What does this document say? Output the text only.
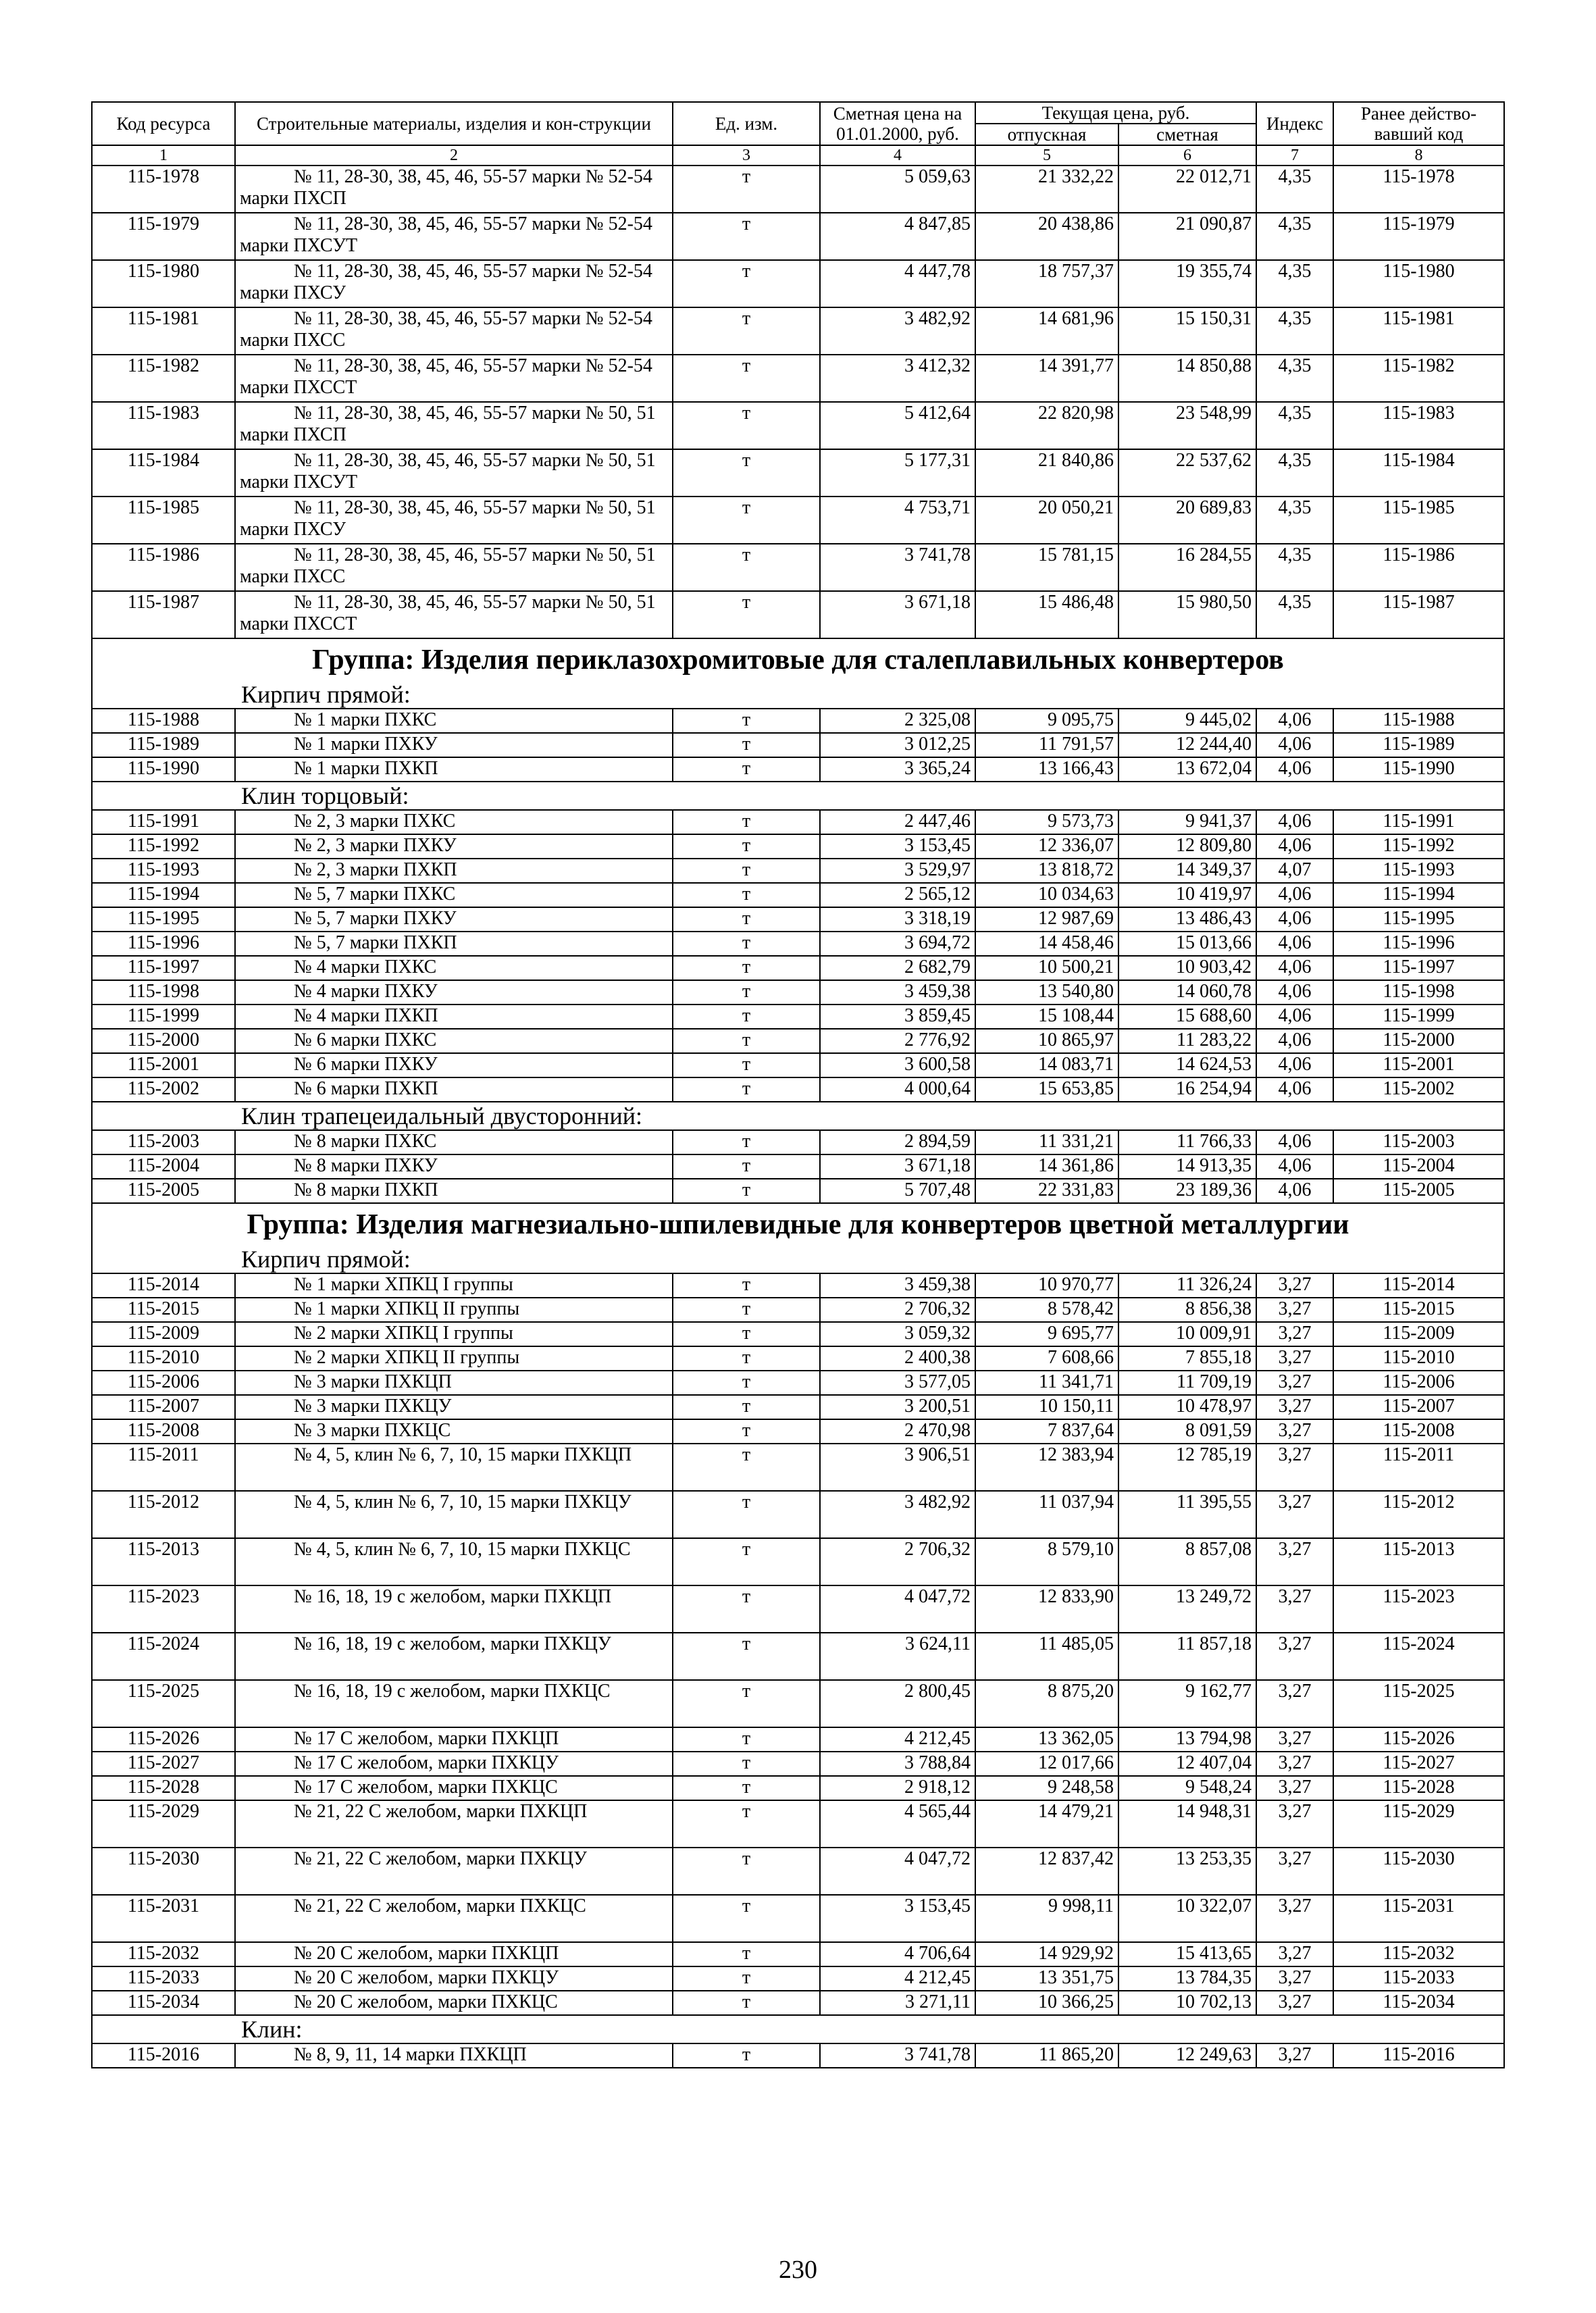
Код ресурса	Строительные материалы, изделия и кон-струкции	Ед. изм.	Сметная цена на 01.01.2000, руб.	Текущая цена, руб.		Индекс	Ранее действо-вавший код
				отпускная	сметная		
1	2	3	4	5	6	7	8
115-1978	№ 11, 28-30, 38, 45, 46, 55-57 марки № 52-54 марки ПХСП	т	5 059,63	21 332,22	22 012,71	4,35	115-1978
115-1979	№ 11, 28-30, 38, 45, 46, 55-57 марки № 52-54 марки ПХСУТ	т	4 847,85	20 438,86	21 090,87	4,35	115-1979
115-1980	№ 11, 28-30, 38, 45, 46, 55-57 марки № 52-54 марки ПХСУ	т	4 447,78	18 757,37	19 355,74	4,35	115-1980
115-1981	№ 11, 28-30, 38, 45, 46, 55-57 марки № 52-54 марки ПХСС	т	3 482,92	14 681,96	15 150,31	4,35	115-1981
115-1982	№ 11, 28-30, 38, 45, 46, 55-57 марки № 52-54 марки ПХССТ	т	3 412,32	14 391,77	14 850,88	4,35	115-1982
115-1983	№ 11, 28-30, 38, 45, 46, 55-57 марки № 50, 51 марки ПХСП	т	5 412,64	22 820,98	23 548,99	4,35	115-1983
115-1984	№ 11, 28-30, 38, 45, 46, 55-57 марки № 50, 51 марки ПХСУТ	т	5 177,31	21 840,86	22 537,62	4,35	115-1984
115-1985	№ 11, 28-30, 38, 45, 46, 55-57 марки № 50, 51 марки ПХСУ	т	4 753,71	20 050,21	20 689,83	4,35	115-1985
115-1986	№ 11, 28-30, 38, 45, 46, 55-57 марки № 50, 51 марки ПХСС	т	3 741,78	15 781,15	16 284,55	4,35	115-1986
115-1987	№ 11, 28-30, 38, 45, 46, 55-57 марки № 50, 51 марки ПХССТ	т	3 671,18	15 486,48	15 980,50	4,35	115-1987
Группа: Изделия периклазохромитовые для сталеплавильных конвертеров							
Кирпич прямой:							
115-1988	№ 1 марки ПХКС	т	2 325,08	9 095,75	9 445,02	4,06	115-1988
115-1989	№ 1 марки ПХКУ	т	3 012,25	11 791,57	12 244,40	4,06	115-1989
115-1990	№ 1 марки ПХКП	т	3 365,24	13 166,43	13 672,04	4,06	115-1990
Клин торцовый:							
115-1991	№ 2, 3 марки ПХКС	т	2 447,46	9 573,73	9 941,37	4,06	115-1991
115-1992	№ 2, 3 марки ПХКУ	т	3 153,45	12 336,07	12 809,80	4,06	115-1992
115-1993	№ 2, 3 марки ПХКП	т	3 529,97	13 818,72	14 349,37	4,07	115-1993
115-1994	№ 5, 7 марки ПХКС	т	2 565,12	10 034,63	10 419,97	4,06	115-1994
115-1995	№ 5, 7 марки ПХКУ	т	3 318,19	12 987,69	13 486,43	4,06	115-1995
115-1996	№ 5, 7 марки ПХКП	т	3 694,72	14 458,46	15 013,66	4,06	115-1996
115-1997	№ 4 марки ПХКС	т	2 682,79	10 500,21	10 903,42	4,06	115-1997
115-1998	№ 4 марки ПХКУ	т	3 459,38	13 540,80	14 060,78	4,06	115-1998
115-1999	№ 4 марки ПХКП	т	3 859,45	15 108,44	15 688,60	4,06	115-1999
115-2000	№ 6 марки ПХКС	т	2 776,92	10 865,97	11 283,22	4,06	115-2000
115-2001	№ 6 марки ПХКУ	т	3 600,58	14 083,71	14 624,53	4,06	115-2001
115-2002	№ 6 марки ПХКП	т	4 000,64	15 653,85	16 254,94	4,06	115-2002
Клин трапецеидальный двусторонний:							
115-2003	№ 8 марки ПХКС	т	2 894,59	11 331,21	11 766,33	4,06	115-2003
115-2004	№ 8 марки ПХКУ	т	3 671,18	14 361,86	14 913,35	4,06	115-2004
115-2005	№ 8 марки ПХКП	т	5 707,48	22 331,83	23 189,36	4,06	115-2005
Группа: Изделия магнезиально-шпилевидные для конвертеров цветной металлургии							
Кирпич прямой:							
115-2014	№ 1 марки ХПКЦ I группы	т	3 459,38	10 970,77	11 326,24	3,27	115-2014
115-2015	№ 1 марки ХПКЦ II группы	т	2 706,32	8 578,42	8 856,38	3,27	115-2015
115-2009	№ 2 марки ХПКЦ I группы	т	3 059,32	9 695,77	10 009,91	3,27	115-2009
115-2010	№ 2 марки ХПКЦ II группы	т	2 400,38	7 608,66	7 855,18	3,27	115-2010
115-2006	№ 3 марки ПХКЦП	т	3 577,05	11 341,71	11 709,19	3,27	115-2006
115-2007	№ 3 марки ПХКЦУ	т	3 200,51	10 150,11	10 478,97	3,27	115-2007
115-2008	№ 3 марки ПХКЦС	т	2 470,98	7 837,64	8 091,59	3,27	115-2008
115-2011	№ 4, 5, клин № 6, 7, 10, 15 марки ПХКЦП	т	3 906,51	12 383,94	12 785,19	3,27	115-2011
115-2012	№ 4, 5, клин № 6, 7, 10, 15 марки ПХКЦУ	т	3 482,92	11 037,94	11 395,55	3,27	115-2012
115-2013	№ 4, 5, клин № 6, 7, 10, 15 марки ПХКЦС	т	2 706,32	8 579,10	8 857,08	3,27	115-2013
115-2023	№ 16, 18, 19 с желобом, марки ПХКЦП	т	4 047,72	12 833,90	13 249,72	3,27	115-2023
115-2024	№ 16, 18, 19 с желобом, марки ПХКЦУ	т	3 624,11	11 485,05	11 857,18	3,27	115-2024
115-2025	№ 16, 18, 19 с желобом, марки ПХКЦС	т	2 800,45	8 875,20	9 162,77	3,27	115-2025
115-2026	№ 17 С желобом, марки ПХКЦП	т	4 212,45	13 362,05	13 794,98	3,27	115-2026
115-2027	№ 17 С желобом, марки ПХКЦУ	т	3 788,84	12 017,66	12 407,04	3,27	115-2027
115-2028	№ 17 С желобом, марки ПХКЦС	т	2 918,12	9 248,58	9 548,24	3,27	115-2028
115-2029	№ 21, 22 С желобом, марки ПХКЦП	т	4 565,44	14 479,21	14 948,31	3,27	115-2029
115-2030	№ 21, 22 С желобом, марки ПХКЦУ	т	4 047,72	12 837,42	13 253,35	3,27	115-2030
115-2031	№ 21, 22 С желобом, марки ПХКЦС	т	3 153,45	9 998,11	10 322,07	3,27	115-2031
115-2032	№ 20 С желобом, марки ПХКЦП	т	4 706,64	14 929,92	15 413,65	3,27	115-2032
115-2033	№ 20 С желобом, марки ПХКЦУ	т	4 212,45	13 351,75	13 784,35	3,27	115-2033
115-2034	№ 20 С желобом, марки ПХКЦС	т	3 271,11	10 366,25	10 702,13	3,27	115-2034
Клин:							
115-2016	№ 8, 9, 11, 14 марки ПХКЦП	т	3 741,78	11 865,20	12 249,63	3,27	115-2016
230
